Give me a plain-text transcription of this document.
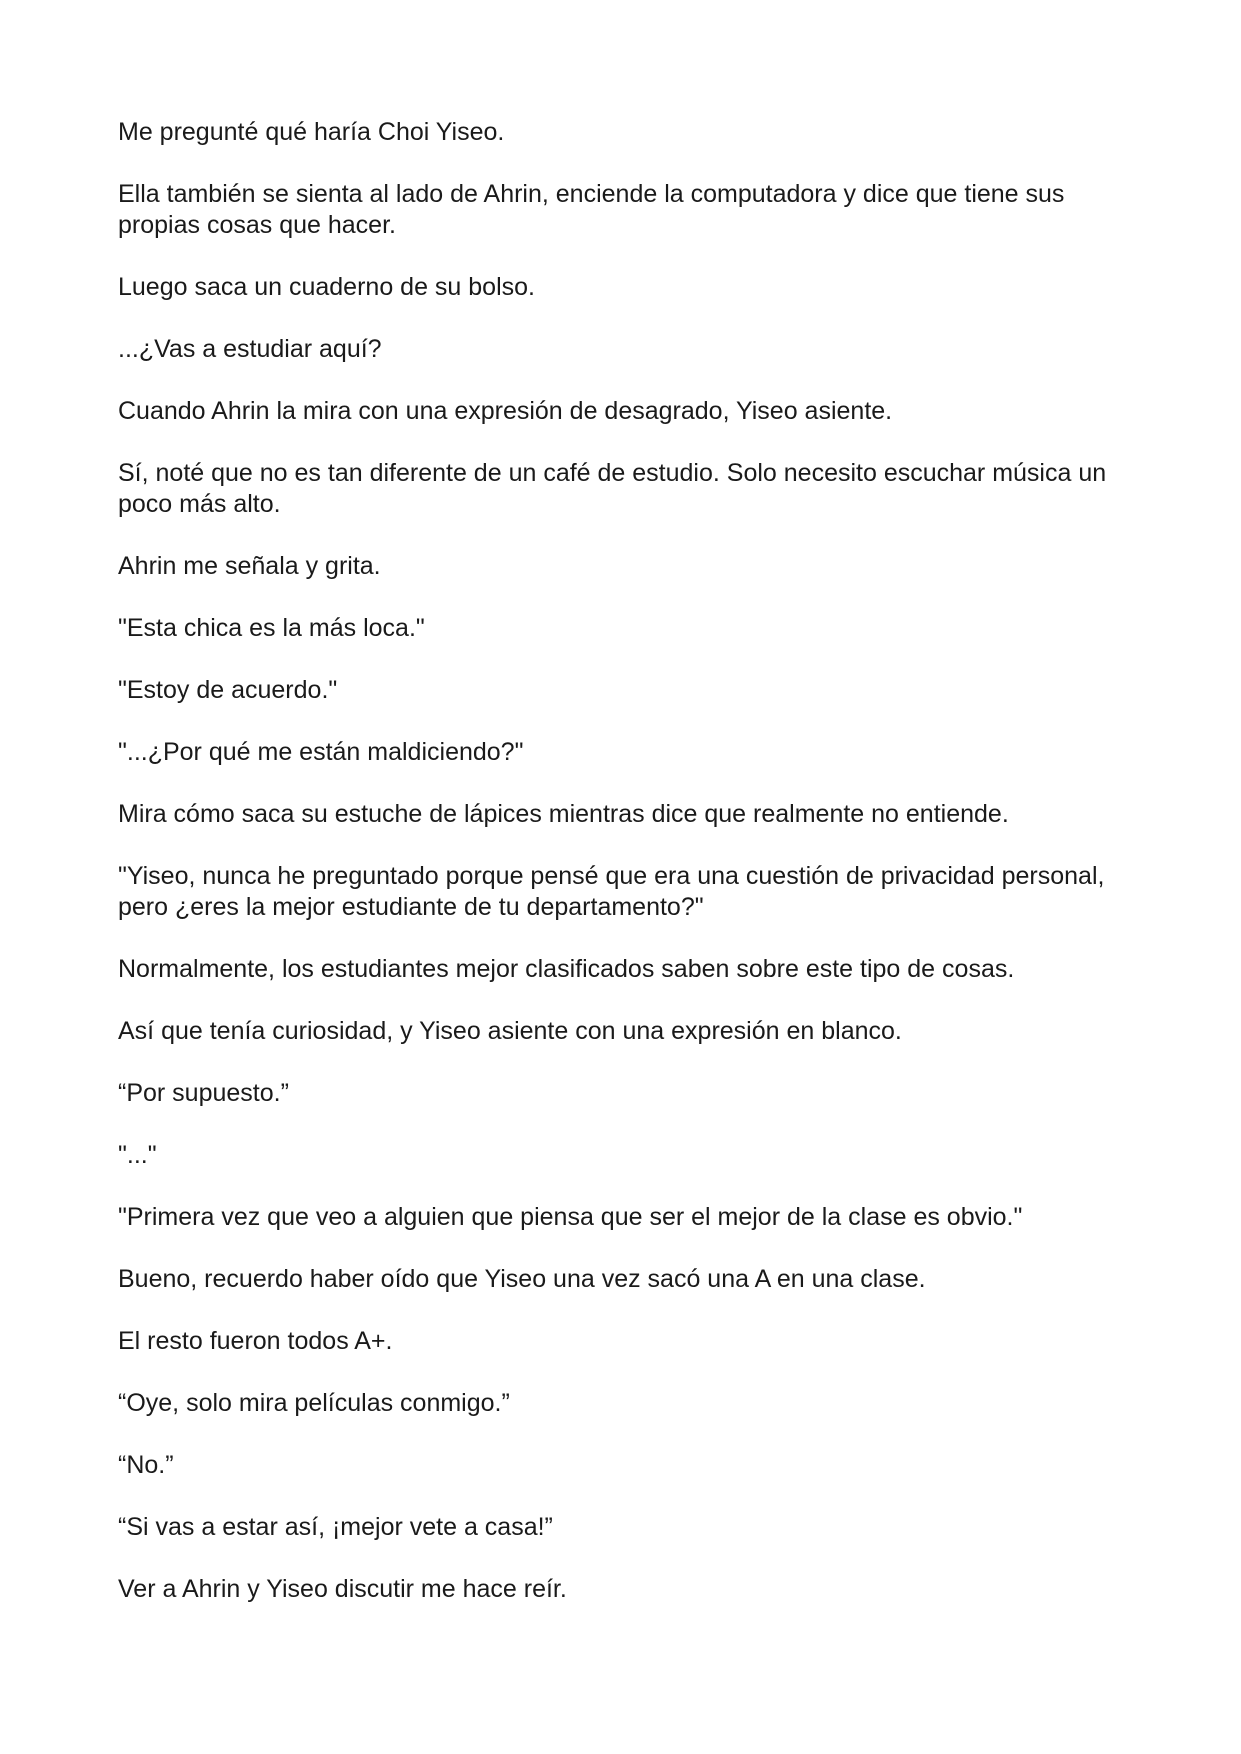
Me pregunté qué haría Choi Yiseo.

Ella también se sienta al lado de Ahrin, enciende la computadora y dice que tiene sus propias cosas que hacer.

Luego saca un cuaderno de su bolso.

...¿Vas a estudiar aquí?

Cuando Ahrin la mira con una expresión de desagrado, Yiseo asiente.

Sí, noté que no es tan diferente de un café de estudio. Solo necesito escuchar música un poco más alto.

Ahrin me señala y grita.

"Esta chica es la más loca."

"Estoy de acuerdo."

"...¿Por qué me están maldiciendo?"

Mira cómo saca su estuche de lápices mientras dice que realmente no entiende.

"Yiseo, nunca he preguntado porque pensé que era una cuestión de privacidad personal, pero ¿eres la mejor estudiante de tu departamento?"

Normalmente, los estudiantes mejor clasificados saben sobre este tipo de cosas.

Así que tenía curiosidad, y Yiseo asiente con una expresión en blanco.

“Por supuesto.”

"..."

"Primera vez que veo a alguien que piensa que ser el mejor de la clase es obvio."

Bueno, recuerdo haber oído que Yiseo una vez sacó una A en una clase.

El resto fueron todos A+.

“Oye, solo mira películas conmigo.”

“No.”

“Si vas a estar así, ¡mejor vete a casa!”

Ver a Ahrin y Yiseo discutir me hace reír.
